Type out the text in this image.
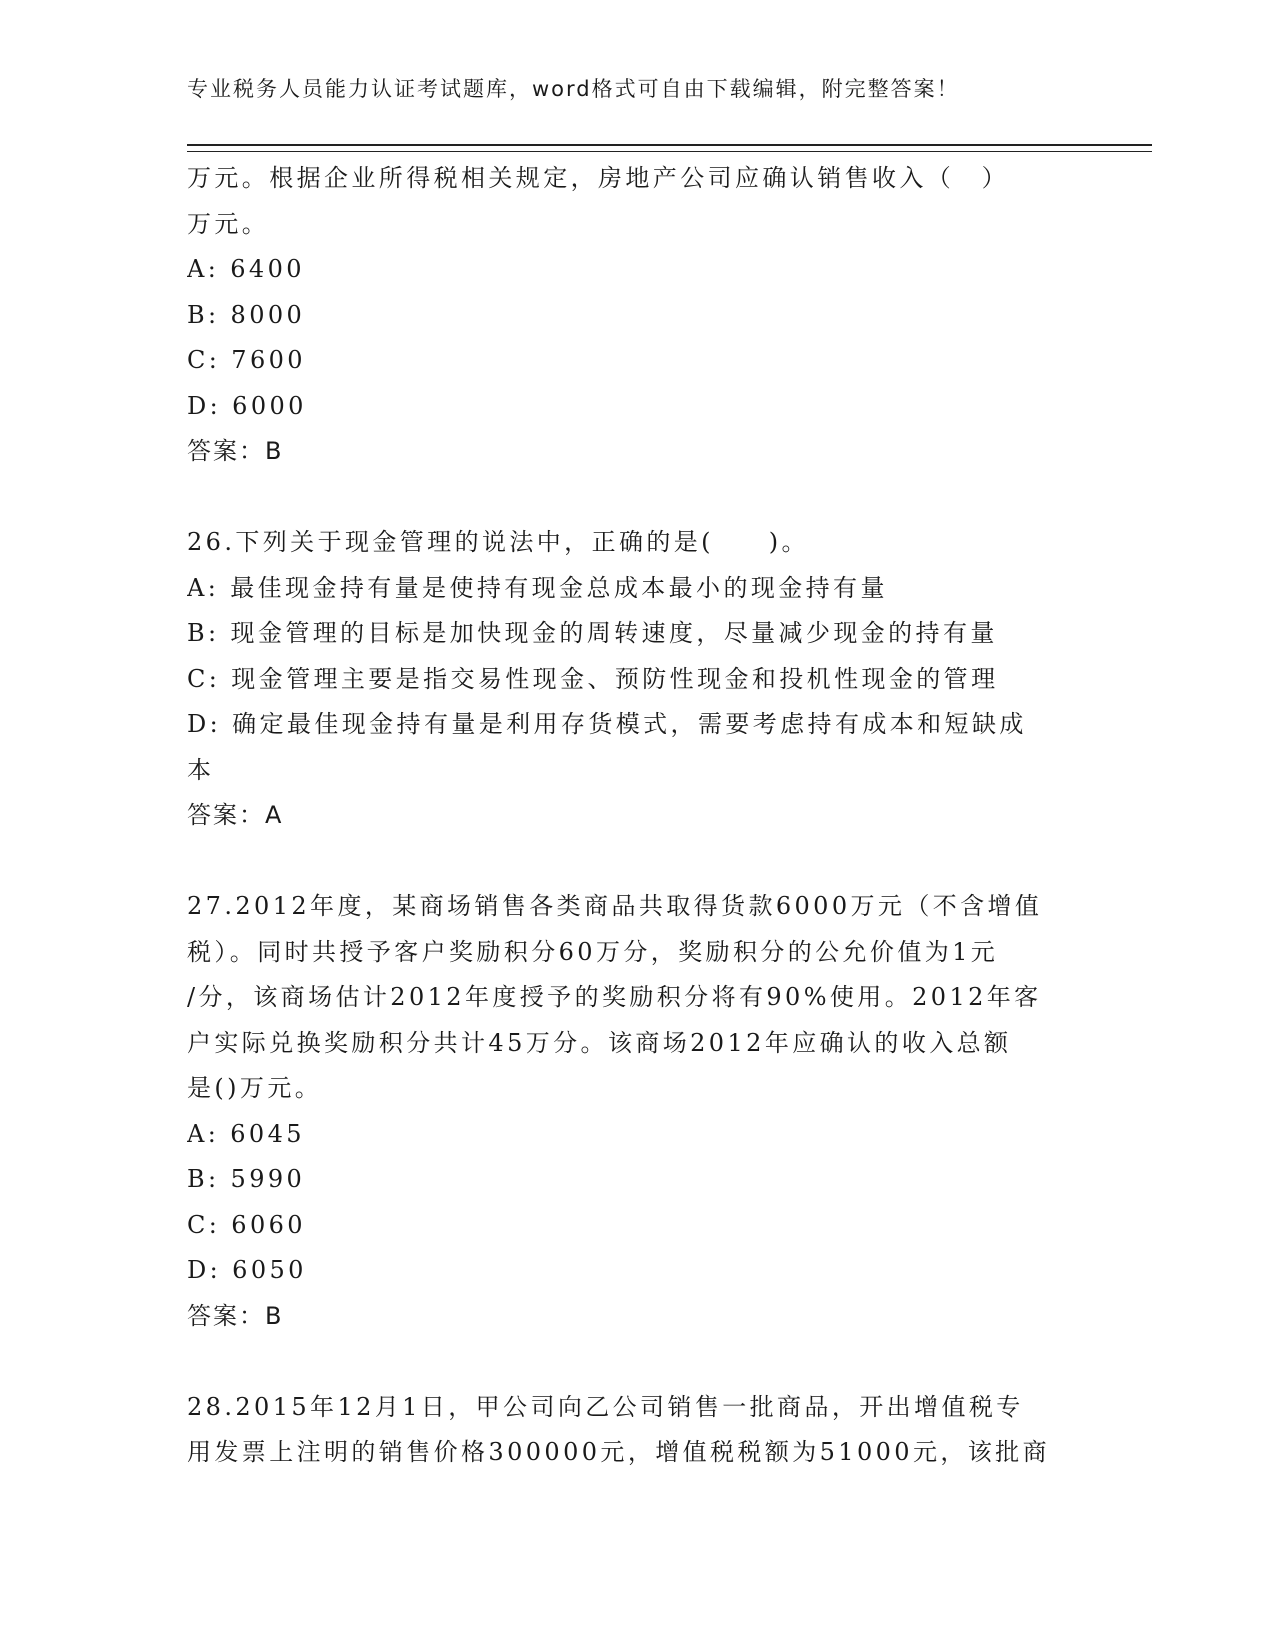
专业税务人员能力认证考试题库，word格式可自由下载编辑，附完整答案！
万元。根据企业所得税相关规定，房地产公司应确认销售收入（　）
万元。
A: 6400
B: 8000
C: 7600
D: 6000
答案：B
26.下列关于现金管理的说法中，正确的是(　　)。
A: 最佳现金持有量是使持有现金总成本最小的现金持有量
B: 现金管理的目标是加快现金的周转速度，尽量减少现金的持有量
C: 现金管理主要是指交易性现金、预防性现金和投机性现金的管理
D: 确定最佳现金持有量是利用存货模式，需要考虑持有成本和短缺成
本
答案：A
27.2012年度，某商场销售各类商品共取得货款6000万元（不含增值
税）。同时共授予客户奖励积分60万分，奖励积分的公允价值为1元
/分，该商场估计2012年度授予的奖励积分将有90%使用。2012年客
户实际兑换奖励积分共计45万分。该商场2012年应确认的收入总额
是()万元。
A: 6045
B: 5990
C: 6060
D: 6050
答案：B
28.2015年12月1日，甲公司向乙公司销售一批商品，开出增值税专
用发票上注明的销售价格300000元，增值税税额为51000元，该批商
